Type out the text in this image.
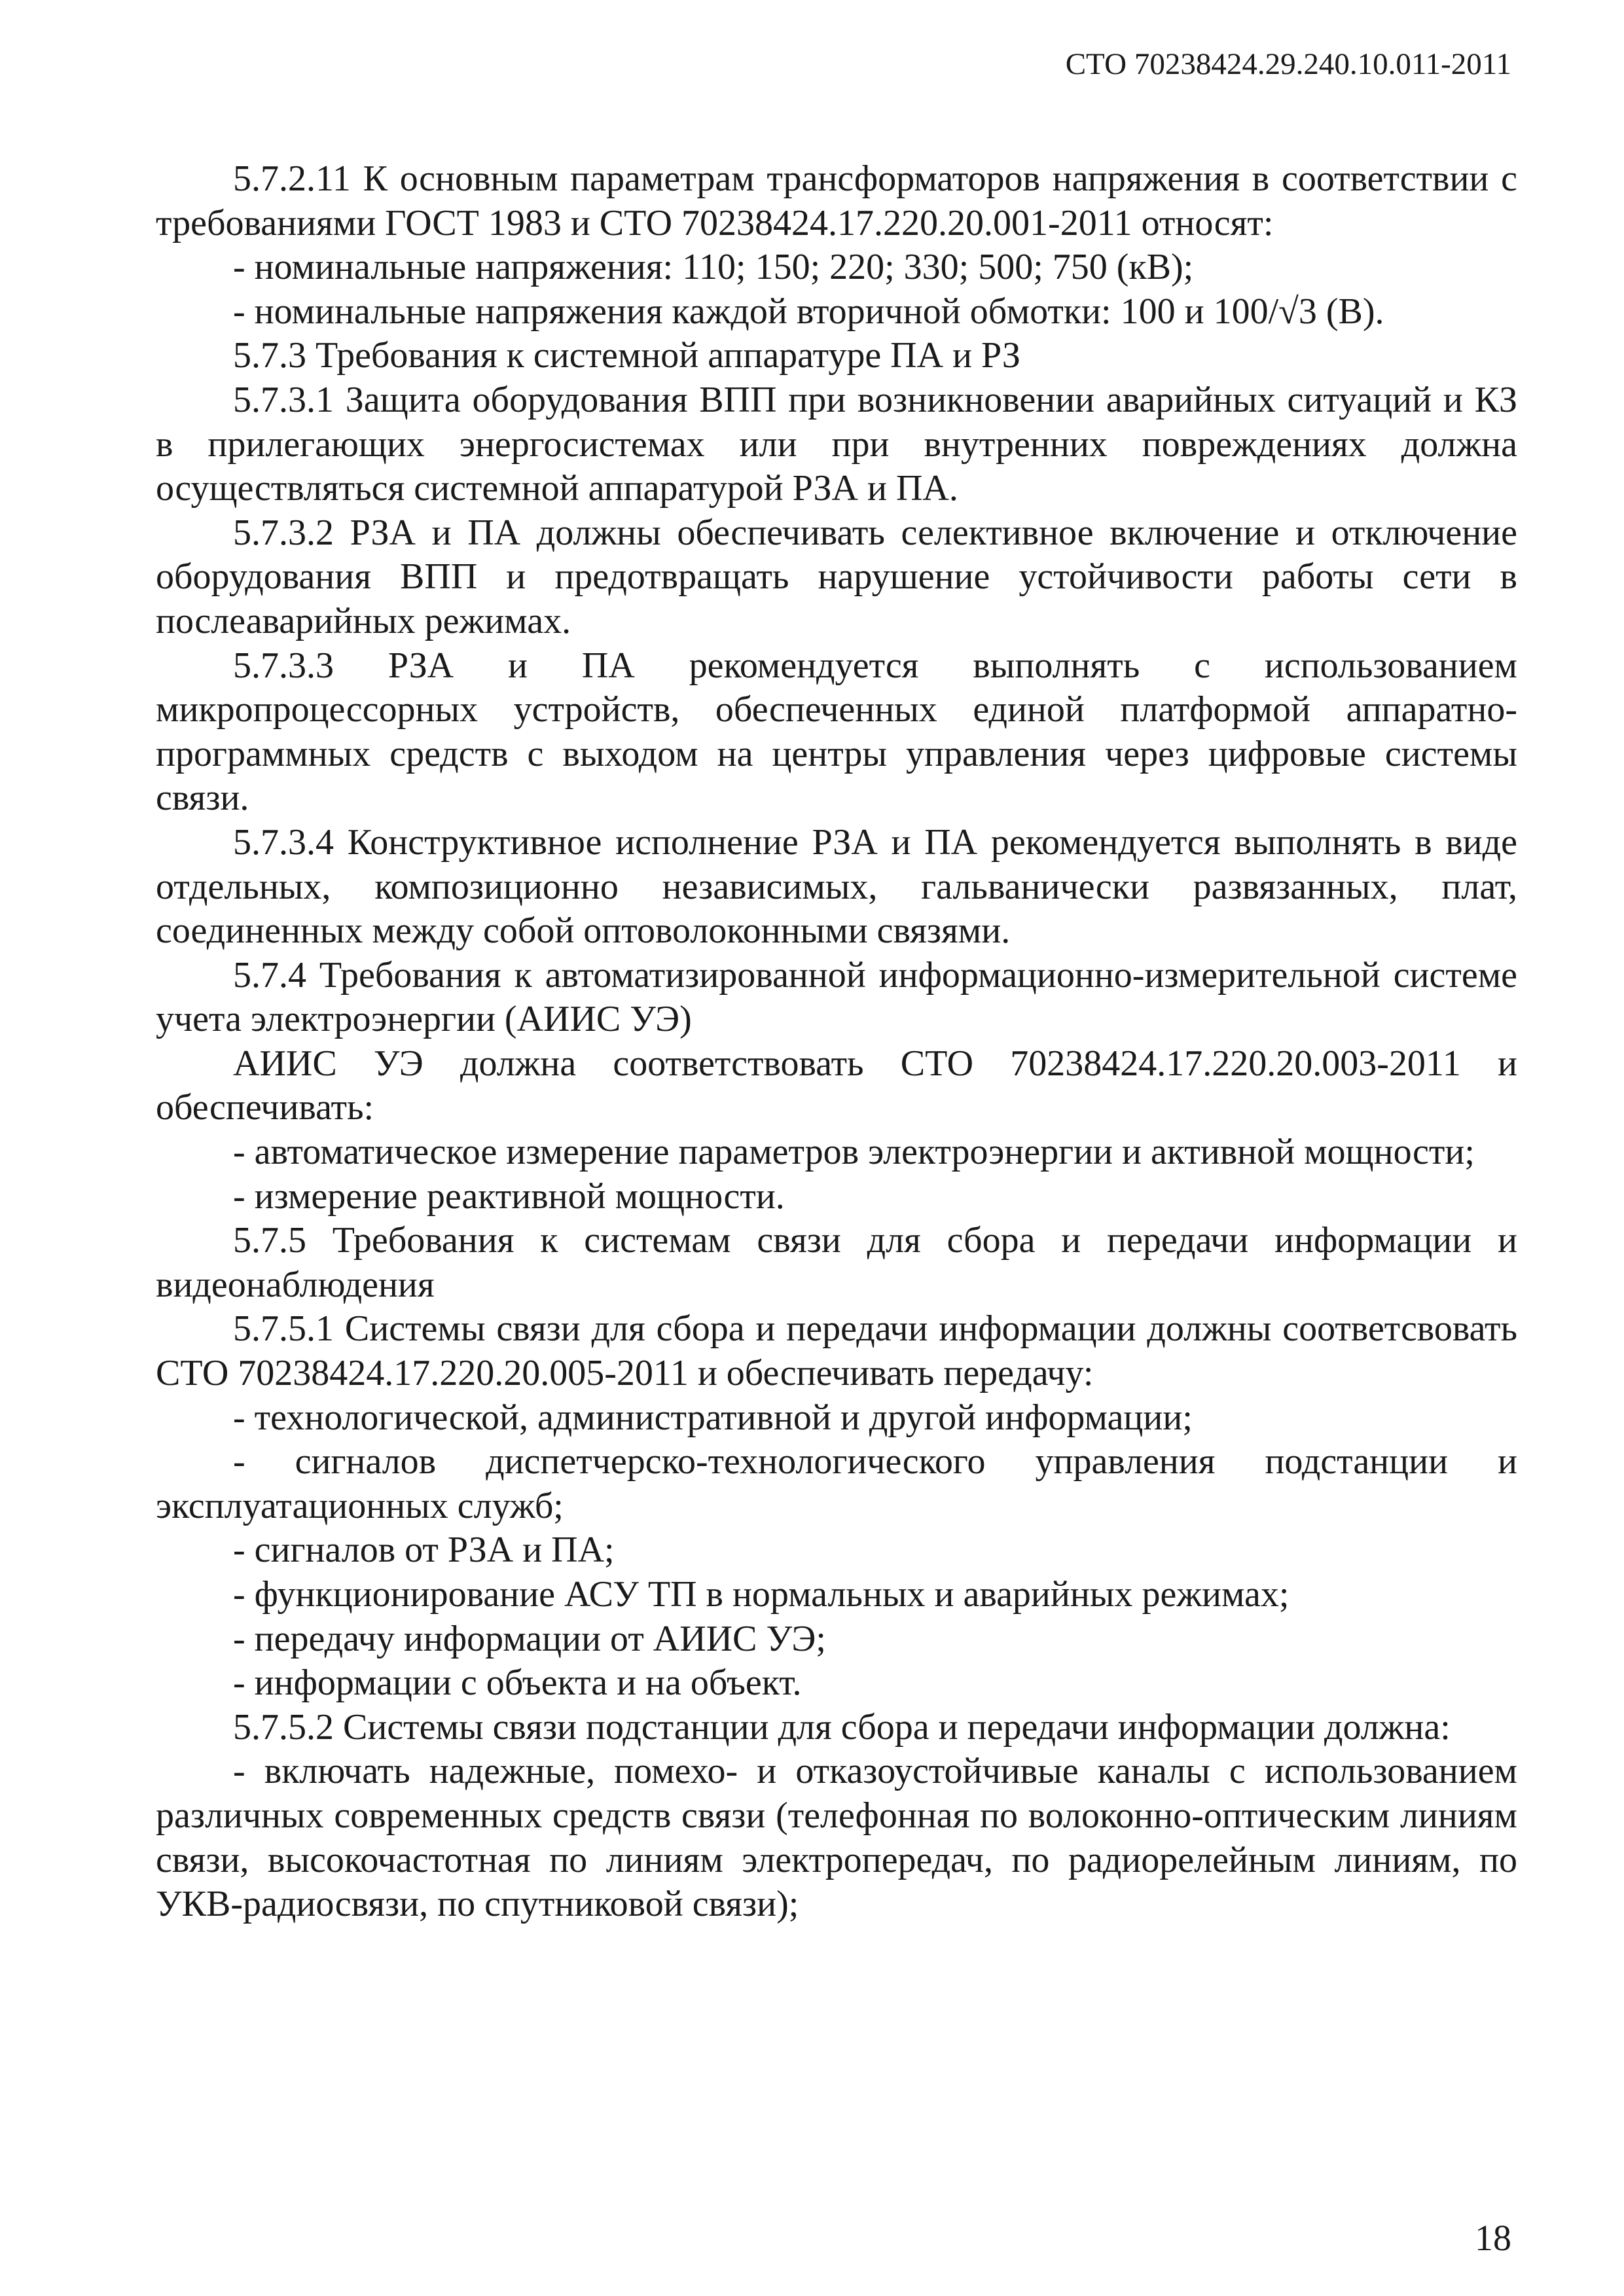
СТО 70238424.29.240.10.011-2011

5.7.2.11 К основным параметрам трансформаторов напряжения в соответствии с требованиями ГОСТ 1983 и СТО 70238424.17.220.20.001-2011 относят:

- номинальные напряжения: 110; 150; 220; 330; 500; 750 (кВ);

- номинальные напряжения каждой вторичной обмотки: 100 и 100/√3 (В).

5.7.3 Требования к системной аппаратуре ПА и РЗ

5.7.3.1 Защита оборудования ВПП при возникновении аварийных ситуаций и КЗ в прилегающих энергосистемах или при внутренних повреждениях должна осуществляться системной аппаратурой РЗА и ПА.

5.7.3.2 РЗА и ПА должны обеспечивать селективное включение и отключение оборудования ВПП и предотвращать нарушение устойчивости работы сети в послеаварийных режимах.

5.7.3.3 РЗА и ПА рекомендуется выполнять с использованием микропроцессорных устройств, обеспеченных единой платформой аппаратно-программных средств с выходом на центры управления через цифровые системы связи.

5.7.3.4 Конструктивное исполнение РЗА и ПА рекомендуется выполнять в виде отдельных, композиционно независимых, гальванически развязанных, плат, соединенных между собой оптоволоконными связями.

5.7.4 Требования к автоматизированной информационно-измерительной системе учета электроэнергии (АИИС УЭ)

АИИС УЭ должна соответствовать СТО 70238424.17.220.20.003-2011 и обеспечивать:

- автоматическое измерение параметров электроэнергии и активной мощности;

- измерение реактивной мощности.

5.7.5 Требования к системам связи для сбора и передачи информации и видеонаблюдения

5.7.5.1 Системы связи для сбора и передачи информации должны соответсвовать СТО 70238424.17.220.20.005-2011 и обеспечивать передачу:

- технологической, административной и другой информации;

- сигналов диспетчерско-технологического управления подстанции и эксплуатационных служб;

- сигналов от РЗА и ПА;

- функционирование АСУ ТП в нормальных и аварийных режимах;

- передачу информации от АИИС УЭ;

- информации с объекта и на объект.

5.7.5.2 Системы связи подстанции для сбора и передачи информации должна:

- включать надежные, помехо- и отказоустойчивые каналы с использованием различных современных средств связи (телефонная по волоконно-оптическим линиям связи, высокочастотная по линиям электропередач, по радиорелейным линиям, по УКВ-радиосвязи, по спутниковой связи);

18
